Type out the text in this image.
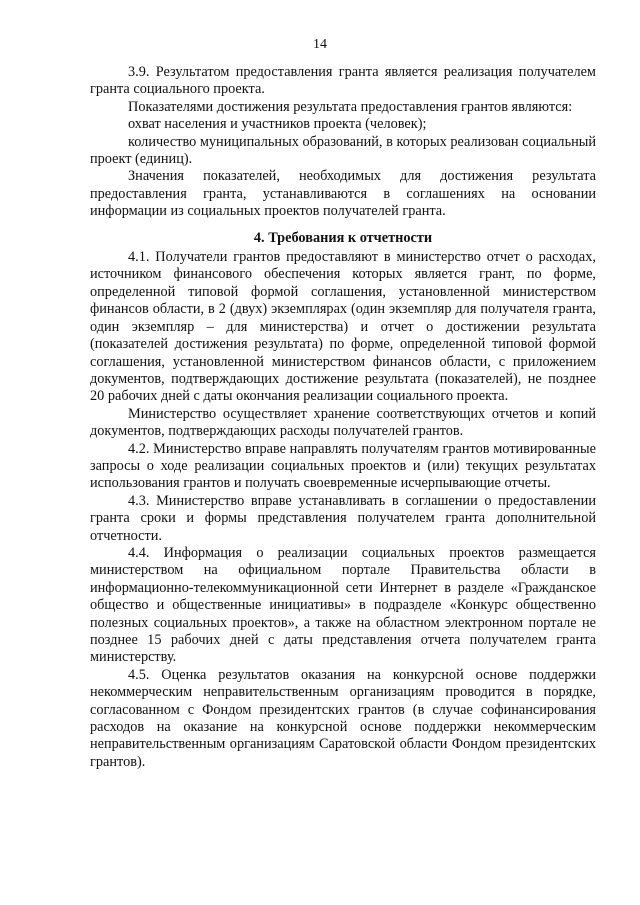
14

3.9. Результатом предоставления гранта является реализация получателем гранта социального проекта.

Показателями достижения результата предоставления грантов являются:

охват населения и участников проекта (человек);

количество муниципальных образований, в которых реализован социальный проект (единиц).

Значения показателей, необходимых для достижения результата предоставления гранта, устанавливаются в соглашениях на основании информации из социальных проектов получателей гранта.

4. Требования к отчетности

4.1. Получатели грантов предоставляют в министерство отчет о расходах, источником финансового обеспечения которых является грант, по форме, определенной типовой формой соглашения, установленной министерством финансов области, в 2 (двух) экземплярах (один экземпляр для получателя гранта, один экземпляр – для министерства) и отчет о достижении результата (показателей достижения результата) по форме, определенной типовой формой соглашения, установленной министерством финансов области, с приложением документов, подтверждающих достижение результата (показателей), не позднее 20 рабочих дней с даты окончания реализации социального проекта.

Министерство осуществляет хранение соответствующих отчетов и копий документов, подтверждающих расходы получателей грантов.

4.2. Министерство вправе направлять получателям грантов мотивированные запросы о ходе реализации социальных проектов и (или) текущих результатах использования грантов и получать своевременные исчерпывающие отчеты.

4.3. Министерство вправе устанавливать в соглашении о предоставлении гранта сроки и формы представления получателем гранта дополнительной отчетности.

4.4. Информация о реализации социальных проектов размещается министерством на официальном портале Правительства области в информационно-телекоммуникационной сети Интернет в разделе «Гражданское общество и общественные инициативы» в подразделе «Конкурс общественно полезных социальных проектов», а также на областном электронном портале не позднее 15 рабочих дней с даты представления отчета получателем гранта министерству.

4.5. Оценка результатов оказания на конкурсной основе поддержки некоммерческим неправительственным организациям проводится в порядке, согласованном с Фондом президентских грантов (в случае софинансирования расходов на оказание на конкурсной основе поддержки некоммерческим неправительственным организациям Саратовской области Фондом президентских грантов).
